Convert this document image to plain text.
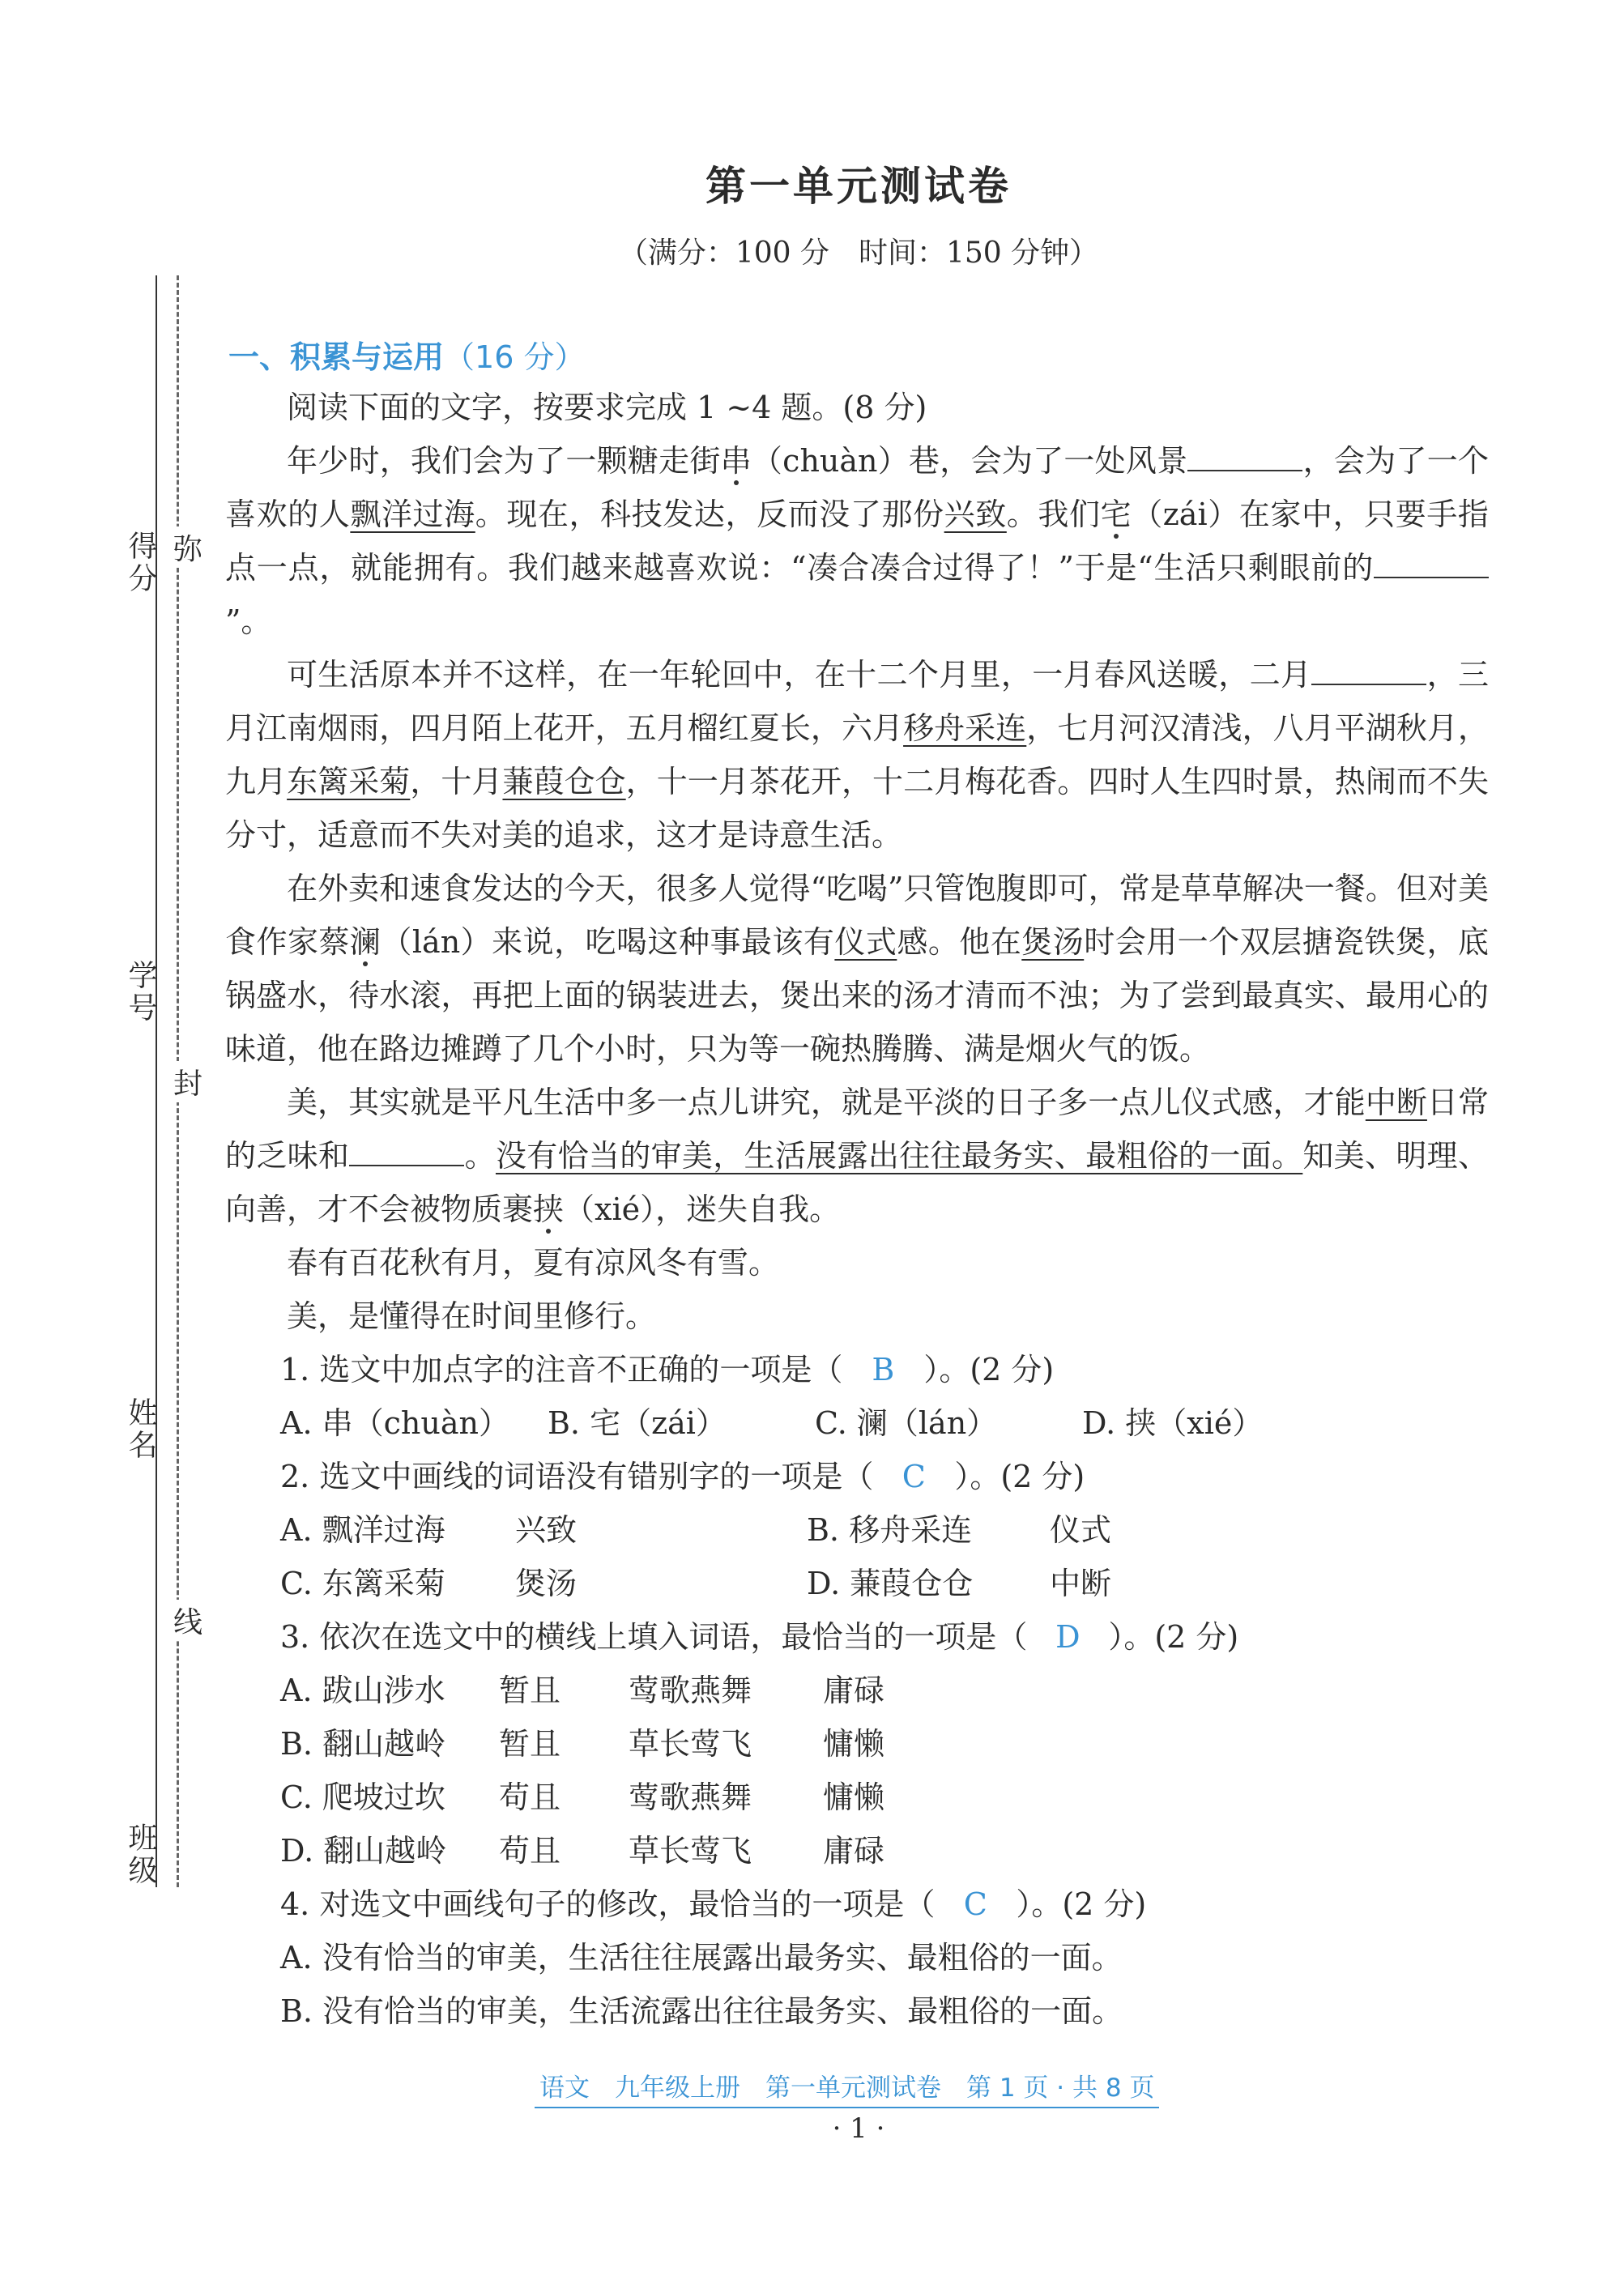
得分
学号
姓名
班级
弥
封
线
第一单元测试卷
（满分：100 分　时间：150 分钟）
一、积累与运用（16 分）

阅读下面的文字，按要求完成 1 ~4 题。(8 分)

年少时，我们会为了一颗糖走街串（chuàn）巷，会为了一处风景	，会为了一个喜欢的人飘洋过海。现在，科技发达，反而没了那份兴致。我们宅（zái）在家中，只要手指点一点，就能拥有。我们越来越喜欢说：“凑合凑合过得了！”于是“生活只剩眼前的”。

可生活原本并不这样，在一年轮回中，在十二个月里，一月春风送暖，二月	，三月江南烟雨，四月陌上花开，五月榴红夏长，六月移舟采连，七月河汉清浅，八月平湖秋月，九月东篱采菊，十月蒹葭仓仓，十一月茶花开，十二月梅花香。四时人生四时景，热闹而不失分寸，适意而不失对美的追求，这才是诗意生活。

在外卖和速食发达的今天，很多人觉得“吃喝”只管饱腹即可，常是草草解决一餐。但对美食作家蔡澜（lán）来说，吃喝这种事最该有仪式感。他在煲汤时会用一个双层搪瓷铁煲，底锅盛水，待水滚，再把上面的锅装进去，煲出来的汤才清而不浊；为了尝到最真实、最用心的味道，他在路边摊蹲了几个小时，只为等一碗热腾腾、满是烟火气的饭。

美，其实就是平凡生活中多一点儿讲究，就是平淡的日子多一点儿仪式感，才能中断日常的乏味和	。没有恰当的审美，生活展露出往往最务实、最粗俗的一面。知美、明理、向善，才不会被物质裹挟（xié），迷失自我。

春有百花秋有月，夏有凉风冬有雪。

美，是懂得在时间里修行。

1. 选文中加点字的注音不正确的一项是（ B ）。(2 分)

A. 串（chuàn）	B. 宅（zái）	C. 澜（lán）	D. 挟（xié）

2. 选文中画线的词语没有错别字的一项是（ C ）。(2 分)

A. 飘洋过海	兴致	B. 移舟采连	仪式

C. 东篱采菊	煲汤	D. 蒹葭仓仓	中断

3. 依次在选文中的横线上填入词语，最恰当的一项是（ D ）。(2 分)

A. 跋山涉水	暂且	莺歌燕舞	庸碌

B. 翻山越岭	暂且	草长莺飞	慵懒

C. 爬坡过坎	苟且	莺歌燕舞	慵懒

D. 翻山越岭	苟且	草长莺飞	庸碌

4. 对选文中画线句子的修改，最恰当的一项是（ C ）。(2 分)

A. 没有恰当的审美，生活往往展露出最务实、最粗俗的一面。

B. 没有恰当的审美，生活流露出往往最务实、最粗俗的一面。

语文　九年级上册　第一单元测试卷　第 1 页 · 共 8 页
· 1 ·
